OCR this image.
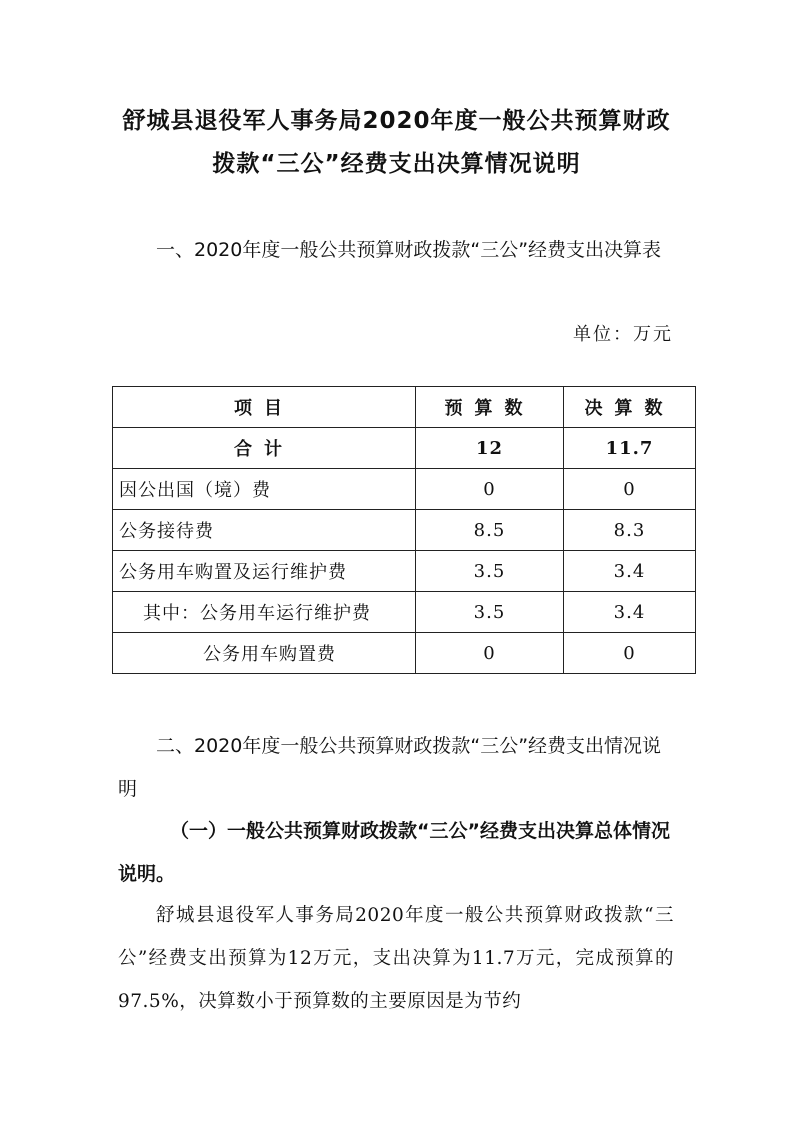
舒城县退役军人事务局2020年度一般公共预算财政
拨款“三公”经费支出决算情况说明
一、2020年度一般公共预算财政拨款“三公”经费支出决算表
单位：万元
项目	预算数	决算数
合计	12	11.7
因公出国（境）费	0	0
公务接待费	8.5	8.3
公务用车购置及运行维护费	3.5	3.4
其中：公务用车运行维护费	3.5	3.4
公务用车购置费	0	0
二、2020年度一般公共预算财政拨款“三公”经费支出情况说明
（一）一般公共预算财政拨款“三公”经费支出决算总体情况说明。
舒城县退役军人事务局2020年度一般公共预算财政拨款“三公”经费支出预算为12万元，支出决算为11.7万元，完成预算的97.5%，决算数小于预算数的主要原因是为节约
